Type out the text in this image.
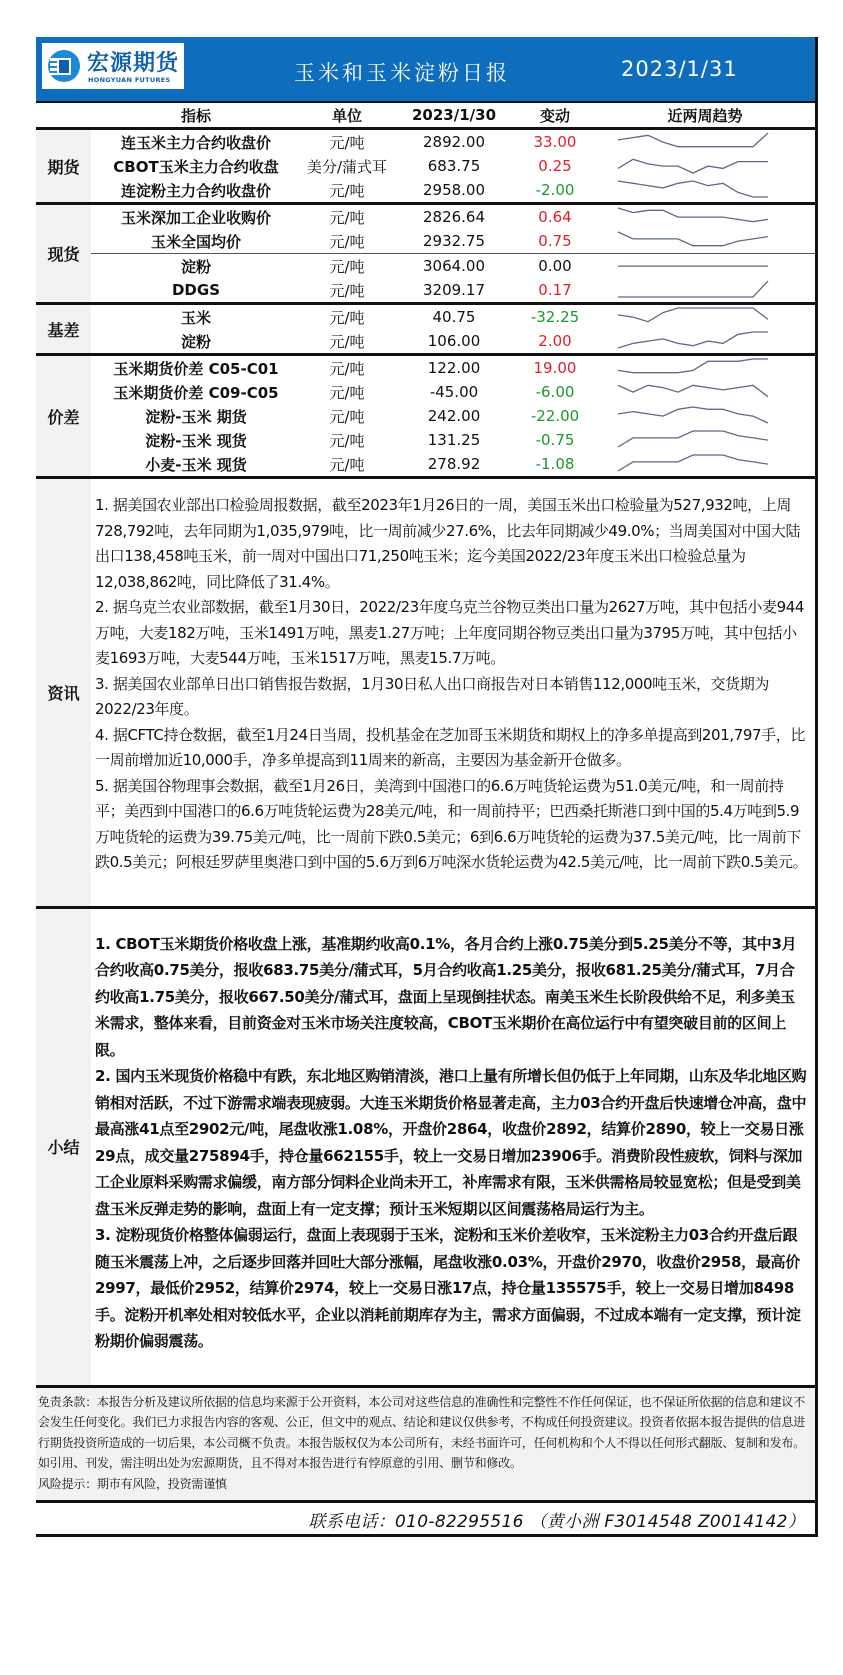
宏源期货
HONGYUAN FUTURES	玉米和玉米淀粉日报	2023/1/31
	指标	单位	2023/1/30	变动	近两周趋势
期货	连玉米主力合约收盘价	元/吨	2892.00	33.00	

	CBOT玉米主力合约收盘	美分/蒲式耳	683.75	0.25	

	连淀粉主力合约收盘价	元/吨	2958.00	-2.00	

现货	玉米深加工企业收购价	元/吨	2826.64	0.64	

	玉米全国均价	元/吨	2932.75	0.75	

	淀粉	元/吨	3064.00	0.00	

	DDGS	元/吨	3209.17	0.17	

基差	玉米	元/吨	40.75	-32.25	

	淀粉	元/吨	106.00	2.00	

价差	玉米期货价差 C05-C01	元/吨	122.00	19.00	

	玉米期货价差 C09-C05	元/吨	-45.00	-6.00	

	淀粉-玉米 期货	元/吨	242.00	-22.00	

	淀粉-玉米 现货	元/吨	131.25	-0.75	

	小麦-玉米 现货	元/吨	278.92	-1.08	
资讯

1. 据美国农业部出口检验周报数据，截至2023年1月26日的一周，美国玉米出口检验量为527,932吨，上周728,792吨，去年同期为1,035,979吨，比一周前减少27.6%，比去年同期减少49.0%；当周美国对中国大陆出口138,458吨玉米，前一周对中国出口71,250吨玉米；迄今美国2022/23年度玉米出口检验总量为12,038,862吨，同比降低了31.4%。

2. 据乌克兰农业部数据，截至1月30日，2022/23年度乌克兰谷物豆类出口量为2627万吨，其中包括小麦944万吨，大麦182万吨，玉米1491万吨，黑麦1.27万吨；上年度同期谷物豆类出口量为3795万吨，其中包括小麦1693万吨，大麦544万吨，玉米1517万吨，黑麦15.7万吨。

3. 据美国农业部单日出口销售报告数据，1月30日私人出口商报告对日本销售112,000吨玉米，交货期为2022/23年度。

4. 据CFTC持仓数据，截至1月24日当周，投机基金在芝加哥玉米期货和期权上的净多单提高到201,797手，比一周前增加近10,000手，净多单提高到11周来的新高，主要因为基金新开仓做多。

5. 据美国谷物理事会数据，截至1月26日，美湾到中国港口的6.6万吨货轮运费为51.0美元/吨，和一周前持平；美西到中国港口的6.6万吨货轮运费为28美元/吨，和一周前持平；巴西桑托斯港口到中国的5.4万吨到5.9万吨货轮的运费为39.75美元/吨，比一周前下跌0.5美元；6到6.6万吨货轮的运费为37.5美元/吨，比一周前下跌0.5美元；阿根廷罗萨里奥港口到中国的5.6万到6万吨深水货轮运费为42.5美元/吨，比一周前下跌0.5美元。

小结

1. CBOT玉米期货价格收盘上涨，基准期约收高0.1%，各月合约上涨0.75美分到5.25美分不等，其中3月合约收高0.75美分，报收683.75美分/蒲式耳，5月合约收高1.25美分，报收681.25美分/蒲式耳，7月合约收高1.75美分，报收667.50美分/蒲式耳，盘面上呈现倒挂状态。南美玉米生长阶段供给不足，利多美玉米需求，整体来看，目前资金对玉米市场关注度较高，CBOT玉米期价在高位运行中有望突破目前的区间上限。

2. 国内玉米现货价格稳中有跌，东北地区购销清淡，港口上量有所增长但仍低于上年同期，山东及华北地区购销相对活跃，不过下游需求端表现疲弱。大连玉米期货价格显著走高，主力03合约开盘后快速增仓冲高，盘中最高涨41点至2902元/吨，尾盘收涨1.08%，开盘价2864，收盘价2892，结算价2890，较上一交易日涨29点，成交量275894手，持仓量662155手，较上一交易日增加23906手。消费阶段性疲软，饲料与深加工企业原料采购需求偏缓，南方部分饲料企业尚未开工，补库需求有限，玉米供需格局较显宽松；但是受到美盘玉米反弹走势的影响，盘面上有一定支撑；预计玉米短期以区间震荡格局运行为主。

3. 淀粉现货价格整体偏弱运行，盘面上表现弱于玉米，淀粉和玉米价差收窄，玉米淀粉主力03合约开盘后跟随玉米震荡上冲，之后逐步回落并回吐大部分涨幅，尾盘收涨0.03%，开盘价2970，收盘价2958，最高价2997，最低价2952，结算价2974，较上一交易日涨17点，持仓量135575手，较上一交易日增加8498手。淀粉开机率处相对较低水平，企业以消耗前期库存为主，需求方面偏弱，不过成本端有一定支撑，预计淀粉期价偏弱震荡。

免责条款：本报告分析及建议所依据的信息均来源于公开资料，本公司对这些信息的准确性和完整性不作任何保证，也不保证所依据的信息和建议不会发生任何变化。我们已力求报告内容的客观、公正，但文中的观点、结论和建议仅供参考，不构成任何投资建议。投资者依据本报告提供的信息进行期货投资所造成的一切后果，本公司概不负责。本报告版权仅为本公司所有，未经书面许可，任何机构和个人不得以任何形式翻版、复制和发布。如引用、刊发，需注明出处为宏源期货，且不得对本报告进行有悖原意的引用、删节和修改。
风险提示：期市有风险，投资需谨慎
联系电话：010-82295516 （黄小洲 F3014548 Z0014142）
